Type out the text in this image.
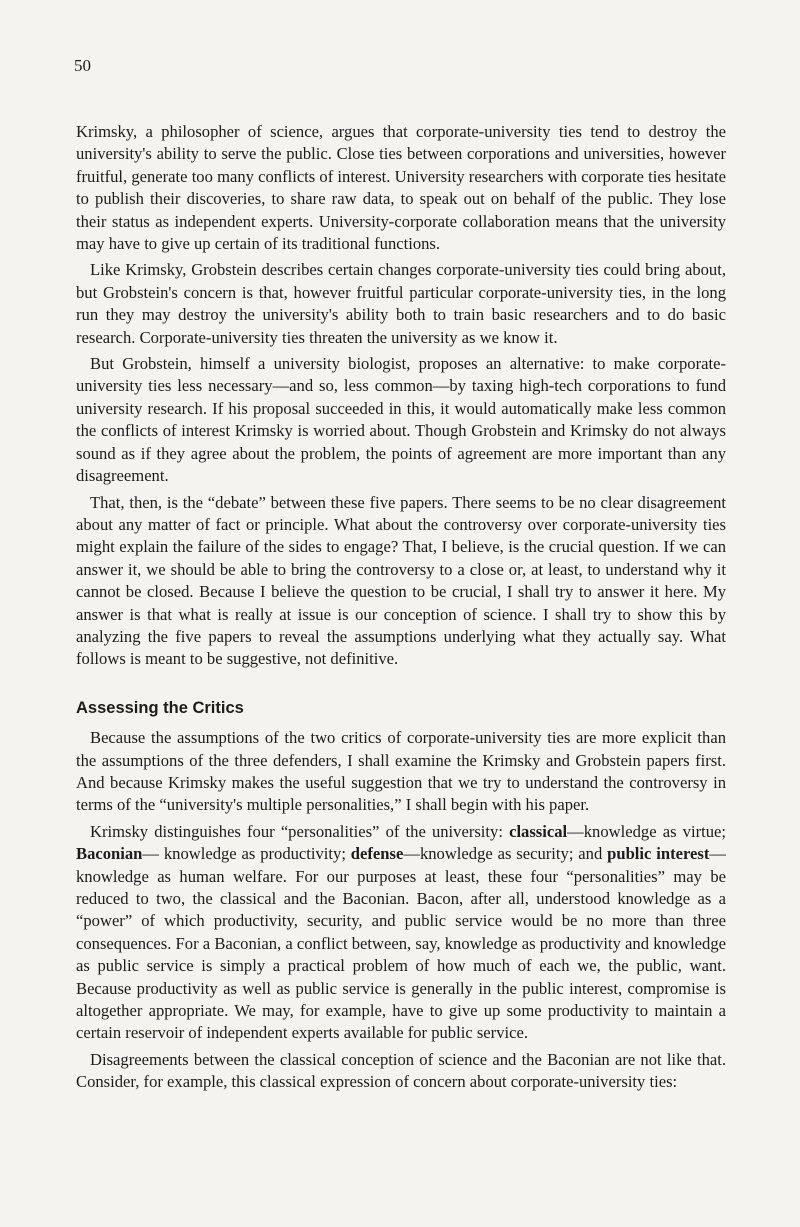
50

Krimsky, a philosopher of science, argues that corporate-university ties tend to destroy the university's ability to serve the public. Close ties between corporations and universities, however fruitful, generate too many conflicts of interest. University researchers with corporate ties hesitate to publish their discoveries, to share raw data, to speak out on behalf of the public. They lose their status as independent experts. University-corporate collaboration means that the university may have to give up certain of its traditional functions.

Like Krimsky, Grobstein describes certain changes corporate-university ties could bring about, but Grobstein's concern is that, however fruitful particular corporate-university ties, in the long run they may destroy the university's ability both to train basic researchers and to do basic research. Corporate-university ties threaten the university as we know it.

But Grobstein, himself a university biologist, proposes an alternative: to make corporate-university ties less necessary—and so, less common—by taxing high-tech corporations to fund university research. If his proposal succeeded in this, it would automatically make less common the conflicts of interest Krimsky is worried about. Though Grobstein and Krimsky do not always sound as if they agree about the problem, the points of agreement are more important than any disagreement.

That, then, is the “debate” between these five papers. There seems to be no clear disagreement about any matter of fact or principle. What about the controversy over corporate-university ties might explain the failure of the sides to engage? That, I believe, is the crucial question. If we can answer it, we should be able to bring the controversy to a close or, at least, to understand why it cannot be closed. Because I believe the question to be crucial, I shall try to answer it here. My answer is that what is really at issue is our conception of science. I shall try to show this by analyzing the five papers to reveal the assumptions underlying what they actually say. What follows is meant to be suggestive, not definitive.

Assessing the Critics

Because the assumptions of the two critics of corporate-university ties are more explicit than the assumptions of the three defenders, I shall examine the Krimsky and Grobstein papers first. And because Krimsky makes the useful suggestion that we try to understand the controversy in terms of the “university's multiple personalities,” I shall begin with his paper.

Krimsky distinguishes four “personalities” of the university: classical—knowledge as virtue; Baconian— knowledge as productivity; defense—knowledge as security; and public interest— knowledge as human welfare. For our purposes at least, these four “personalities” may be reduced to two, the classical and the Baconian. Bacon, after all, understood knowledge as a “power” of which productivity, security, and public service would be no more than three consequences. For a Baconian, a conflict between, say, knowledge as productivity and knowledge as public service is simply a practical problem of how much of each we, the public, want. Because productivity as well as public service is generally in the public interest, compromise is altogether appropriate. We may, for example, have to give up some productivity to maintain a certain reservoir of independent experts available for public service.

Disagreements between the classical conception of science and the Baconian are not like that. Consider, for example, this classical expression of concern about corporate-university ties:
